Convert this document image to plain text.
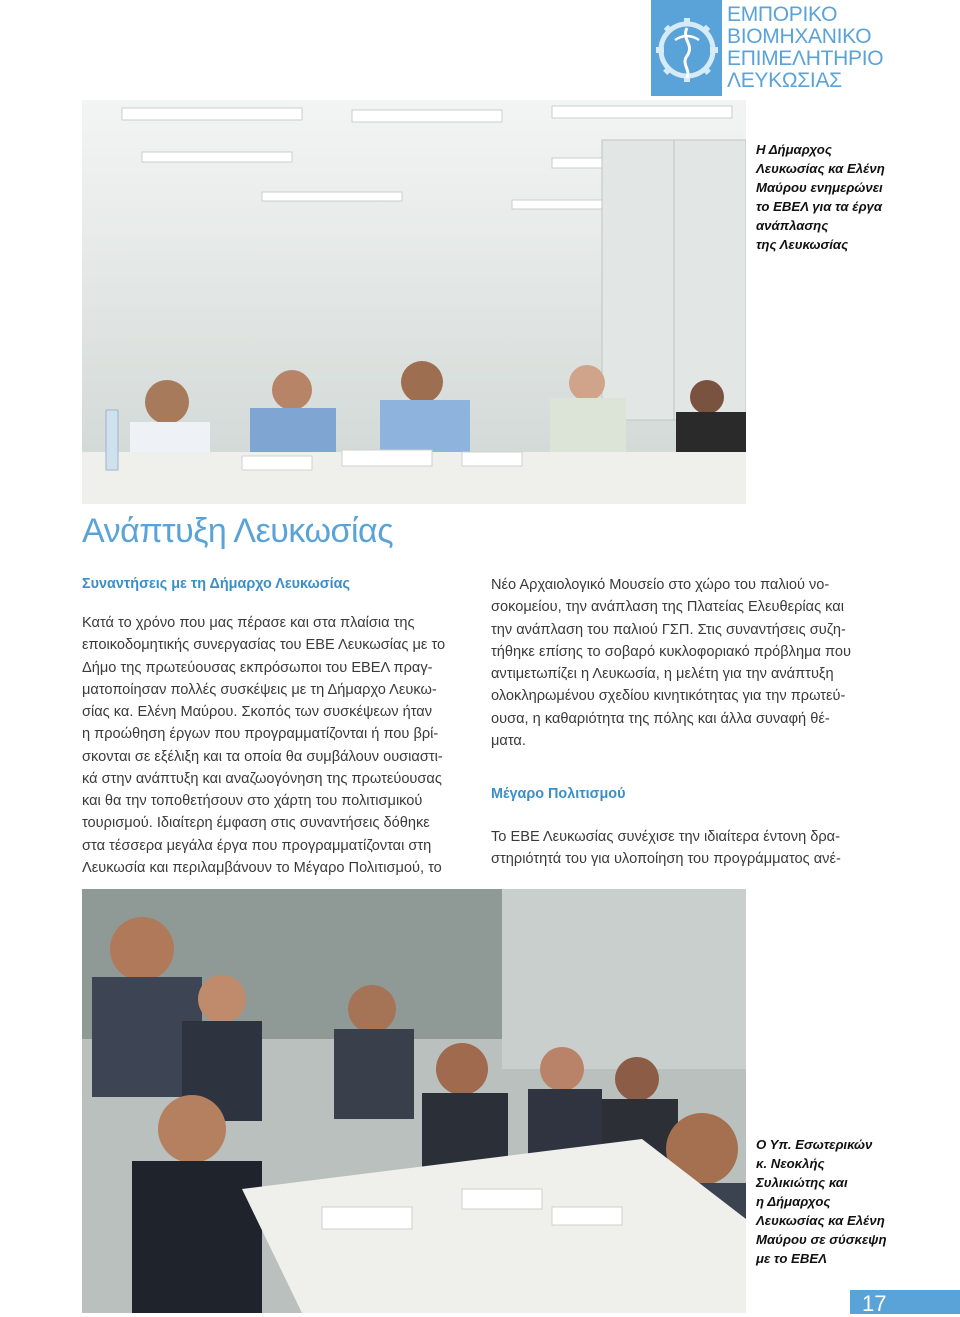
ΕΜΠΟΡΙΚΟ
ΒΙΟΜΗΧΑΝΙΚΟ
ΕΠΙΜΕΛΗΤΗΡΙΟ
ΛΕΥΚΩΣΙΑΣ
Η Δήμαρχος
Λευκωσίας κα Ελένη
Μαύρου ενημερώνει
το ΕΒΕΛ για τα έργα
ανάπλασης
της Λευκωσίας
Ανάπτυξη Λευκωσίας
Συναντήσεις με τη Δήμαρχο Λευκωσίας
Κατά το χρόνο που μας πέρασε και στα πλαίσια της
εποικοδομητικής συνεργασίας του ΕΒΕ Λευκωσίας με το
Δήμο της πρωτεύουσας εκπρόσωποι του ΕΒΕΛ πραγ-
ματοποίησαν πολλές συσκέψεις με τη Δήμαρχο Λευκω-
σίας κα. Ελένη Μαύρου. Σκοπός των συσκέψεων ήταν
η προώθηση έργων που προγραμματίζονται ή που βρί-
σκονται σε εξέλιξη και τα οποία θα συμβάλουν ουσιαστι-
κά στην ανάπτυξη και αναζωογόνηση της πρωτεύουσας
και θα την τοποθετήσουν στο χάρτη του πολιτισμικού
τουρισμού. Ιδιαίτερη έμφαση στις συναντήσεις δόθηκε
στα τέσσερα μεγάλα έργα που προγραμματίζονται στη
Λευκωσία και περιλαμβάνουν το Μέγαρο Πολιτισμού, το
Νέο Αρχαιολογικό Μουσείο στο χώρο του παλιού νο-
σοκομείου, την ανάπλαση της Πλατείας Ελευθερίας και
την ανάπλαση του παλιού ΓΣΠ. Στις συναντήσεις συζη-
τήθηκε επίσης το σοβαρό κυκλοφοριακό πρόβλημα που
αντιμετωπίζει η Λευκωσία, η μελέτη για την ανάπτυξη
ολοκληρωμένου σχεδίου κινητικότητας για την πρωτεύ-
ουσα, η καθαριότητα της πόλης και άλλα συναφή θέ-
ματα.
Μέγαρο Πολιτισμού
Το ΕΒΕ Λευκωσίας συνέχισε την ιδιαίτερα έντονη δρα-
στηριότητά του για υλοποίηση του προγράμματος ανέ-
Ο Υπ. Εσωτερικών
κ. Νεοκλής
Συλικιώτης και
η Δήμαρχος
Λευκωσίας κα Ελένη
Μαύρου σε σύσκεψη
με το ΕΒΕΛ
17
